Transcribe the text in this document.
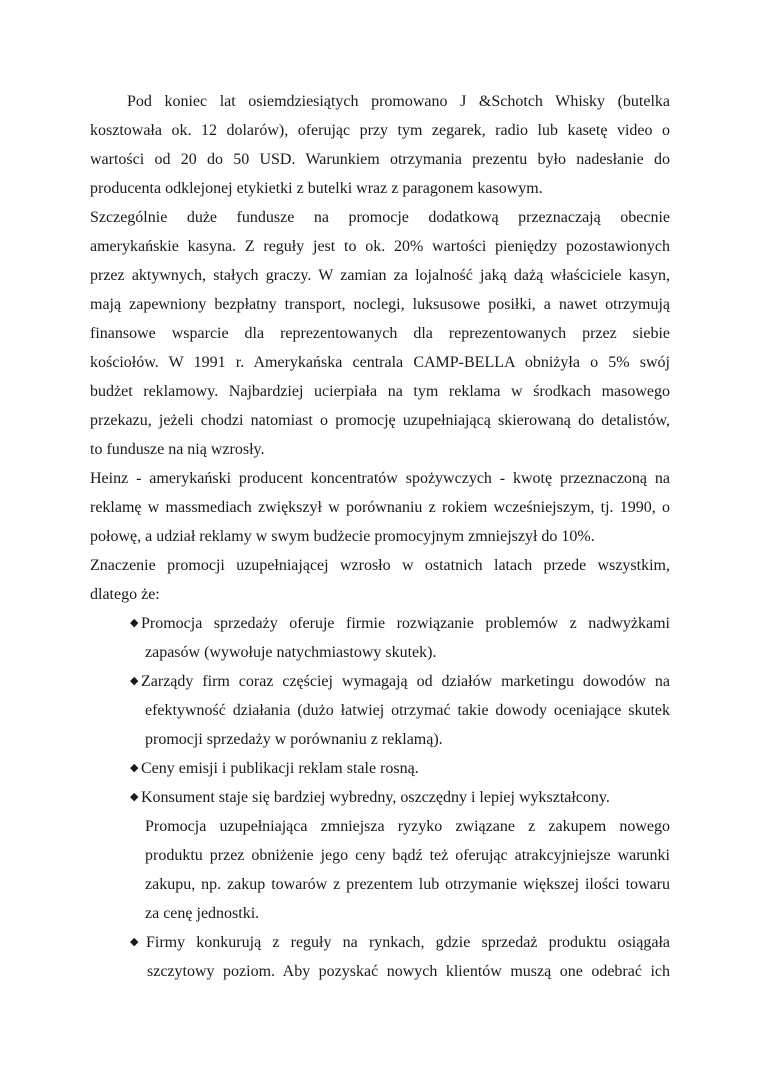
Pod koniec lat osiemdziesiątych promowano J &Schotch Whisky (butelka
kosztowała ok. 12 dolarów), oferując przy tym zegarek, radio lub kasetę video o
wartości od 20 do 50 USD. Warunkiem otrzymania prezentu było nadesłanie do
producenta odklejonej etykietki z butelki wraz z paragonem kasowym.
Szczególnie duże fundusze na promocje dodatkową przeznaczają obecnie
amerykańskie kasyna. Z reguły jest to ok. 20% wartości pieniędzy pozostawionych
przez aktywnych, stałych graczy. W zamian za lojalność jaką dażą właściciele kasyn,
mają zapewniony bezpłatny transport, noclegi, luksusowe posiłki, a nawet otrzymują
finansowe wsparcie dla reprezentowanych dla reprezentowanych przez siebie
kościołów. W 1991 r. Amerykańska centrala CAMP-BELLA obniżyła o 5% swój
budżet reklamowy. Najbardziej ucierpiała na tym reklama w środkach masowego
przekazu, jeżeli chodzi natomiast o promocję uzupełniającą skierowaną do detalistów,
to fundusze na nią wzrosły.
Heinz - amerykański producent koncentratów spożywczych - kwotę przeznaczoną na
reklamę w massmediach zwiększył w porównaniu z rokiem wcześniejszym, tj. 1990, o
połowę, a udział reklamy w swym budżecie promocyjnym zmniejszył do 10%.
Znaczenie promocji uzupełniającej wzrosło w ostatnich latach przede wszystkim,
dlatego że:
◆ Promocja sprzedaży oferuje firmie rozwiązanie problemów z nadwyżkami
zapasów (wywołuje natychmiastowy skutek).
◆ Zarządy firm coraz częściej wymagają od działów marketingu dowodów na
efektywność działania (dużo łatwiej otrzymać takie dowody oceniające skutek
promocji sprzedaży w porównaniu z reklamą).
◆ Ceny emisji i publikacji reklam stale rosną.
◆ Konsument staje się bardziej wybredny, oszczędny i lepiej wykształcony.
Promocja uzupełniająca zmniejsza ryzyko związane z zakupem nowego
produktu przez obniżenie jego ceny bądź też oferując atrakcyjniejsze warunki
zakupu, np. zakup towarów z prezentem lub otrzymanie większej ilości towaru
za cenę jednostki.
◆ Firmy konkurują z reguły na rynkach, gdzie sprzedaż produktu osiągała
szczytowy poziom. Aby pozyskać nowych klientów muszą one odebrać ich
